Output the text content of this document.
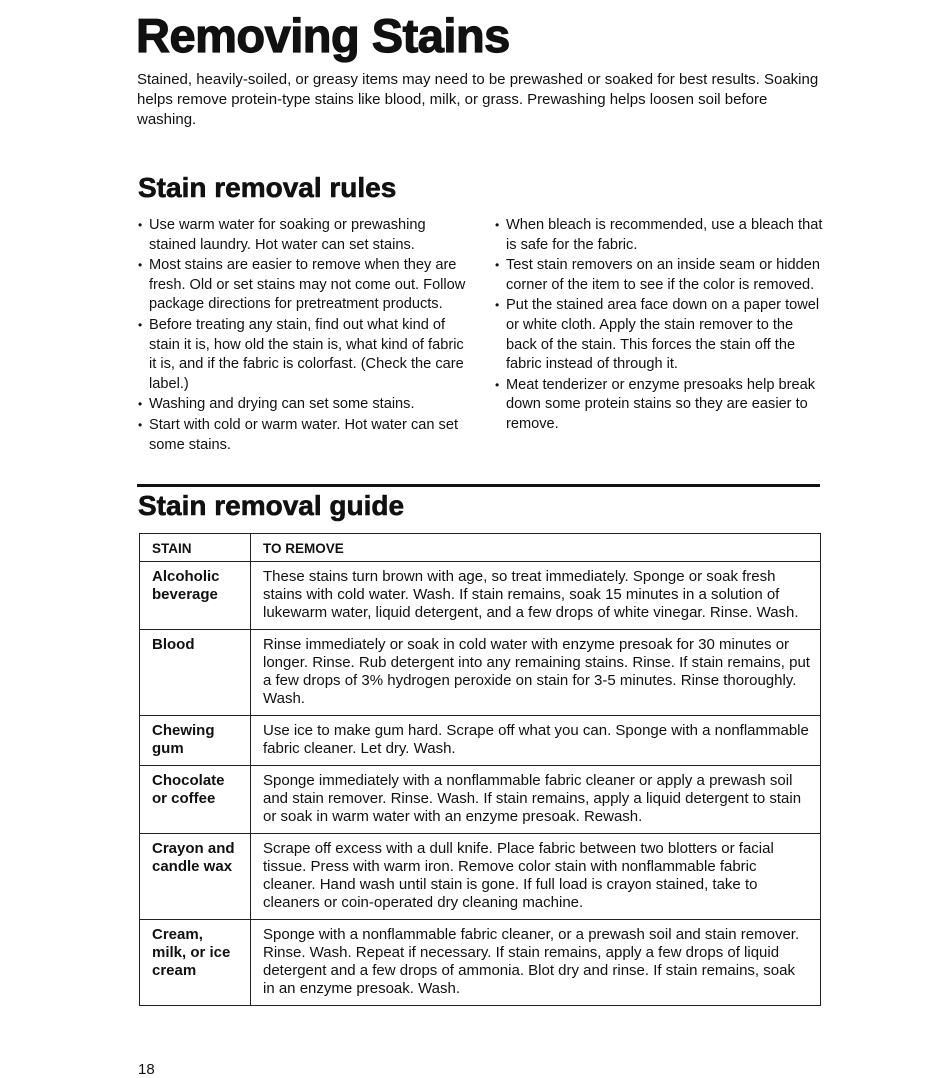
Removing Stains

Stained, heavily-soiled, or greasy items may need to be prewashed or soaked for best results. Soaking helps remove protein-type stains like blood, milk, or grass. Prewashing helps loosen soil before washing.

Stain removal rules
• Use warm water for soaking or prewashing stained laundry. Hot water can set stains.
• Most stains are easier to remove when they are fresh. Old or set stains may not come out. Follow package directions for pretreatment products.
• Before treating any stain, find out what kind of stain it is, how old the stain is, what kind of fabric it is, and if the fabric is colorfast. (Check the care label.)
• Washing and drying can set some stains.
• Start with cold or warm water. Hot water can set some stains.
• When bleach is recommended, use a bleach that is safe for the fabric.
• Test stain removers on an inside seam or hidden corner of the item to see if the color is removed.
• Put the stained area face down on a paper towel or white cloth. Apply the stain remover to the back of the stain. This forces the stain off the fabric instead of through it.
• Meat tenderizer or enzyme presoaks help break down some protein stains so they are easier to remove.
Stain removal guide
STAIN	TO REMOVE
Alcoholic beverage	These stains turn brown with age, so treat immediately. Sponge or soak fresh stains with cold water. Wash. If stain remains, soak 15 minutes in a solution of lukewarm water, liquid detergent, and a few drops of white vinegar. Rinse. Wash.
Blood	Rinse immediately or soak in cold water with enzyme presoak for 30 minutes or longer. Rinse. Rub detergent into any remaining stains. Rinse. If stain remains, put a few drops of 3% hydrogen peroxide on stain for 3-5 minutes. Rinse thoroughly. Wash.
Chewing gum	Use ice to make gum hard. Scrape off what you can. Sponge with a nonflammable fabric cleaner. Let dry. Wash.
Chocolate or coffee	Sponge immediately with a nonflammable fabric cleaner or apply a prewash soil and stain remover. Rinse. Wash. If stain remains, apply a liquid detergent to stain or soak in warm water with an enzyme presoak. Rewash.
Crayon and candle wax	Scrape off excess with a dull knife. Place fabric between two blotters or facial tissue. Press with warm iron. Remove color stain with nonflammable fabric cleaner. Hand wash until stain is gone. If full load is crayon stained, take to cleaners or coin-operated dry cleaning machine.
Cream, milk, or ice cream	Sponge with a nonflammable fabric cleaner, or a prewash soil and stain remover. Rinse. Wash. Repeat if necessary. If stain remains, apply a few drops of liquid detergent and a few drops of ammonia. Blot dry and rinse. If stain remains, soak in an enzyme presoak. Wash.
18
